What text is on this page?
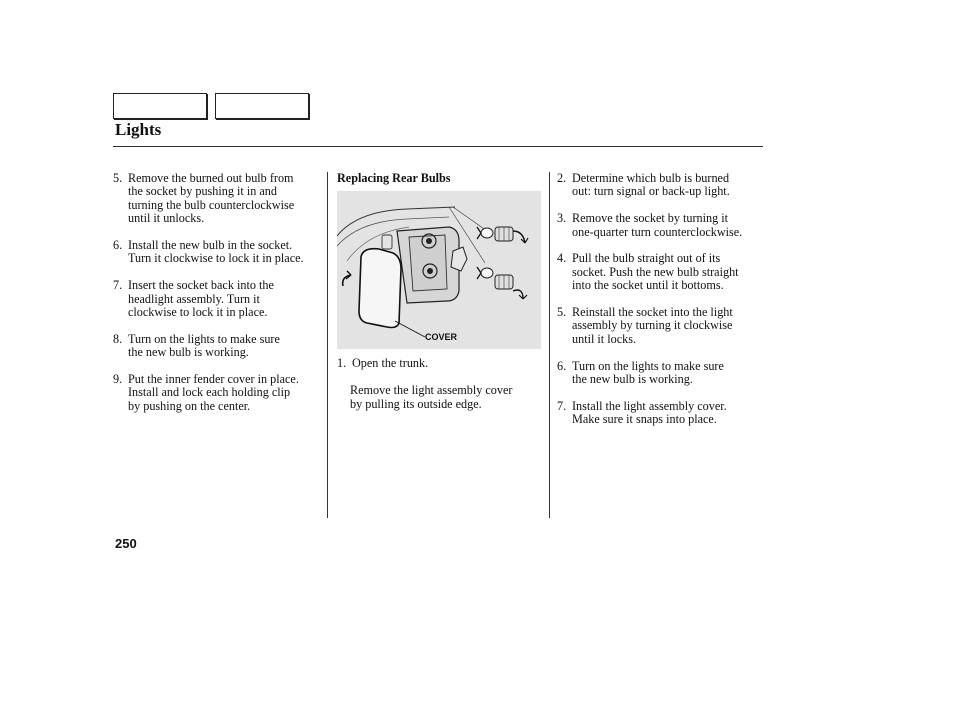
Lights
5. Remove the burned out bulb from
the socket by pushing it in and
turning the bulb counterclockwise
until it unlocks.
6. Install the new bulb in the socket.
Turn it clockwise to lock it in place.
7. Insert the socket back into the
headlight assembly. Turn it
clockwise to lock it in place.
8. Turn on the lights to make sure
the new bulb is working.
9. Put the inner fender cover in place.
Install and lock each holding clip
by pushing on the center.
Replacing Rear Bulbs
COVER
1. Open the trunk.
Remove the light assembly cover
by pulling its outside edge.
2. Determine which bulb is burned
out: turn signal or back-up light.
3. Remove the socket by turning it
one-quarter turn counterclockwise.
4. Pull the bulb straight out of its
socket. Push the new bulb straight
into the socket until it bottoms.
5. Reinstall the socket into the light
assembly by turning it clockwise
until it locks.
6. Turn on the lights to make sure
the new bulb is working.
7. Install the light assembly cover.
Make sure it snaps into place.
250
